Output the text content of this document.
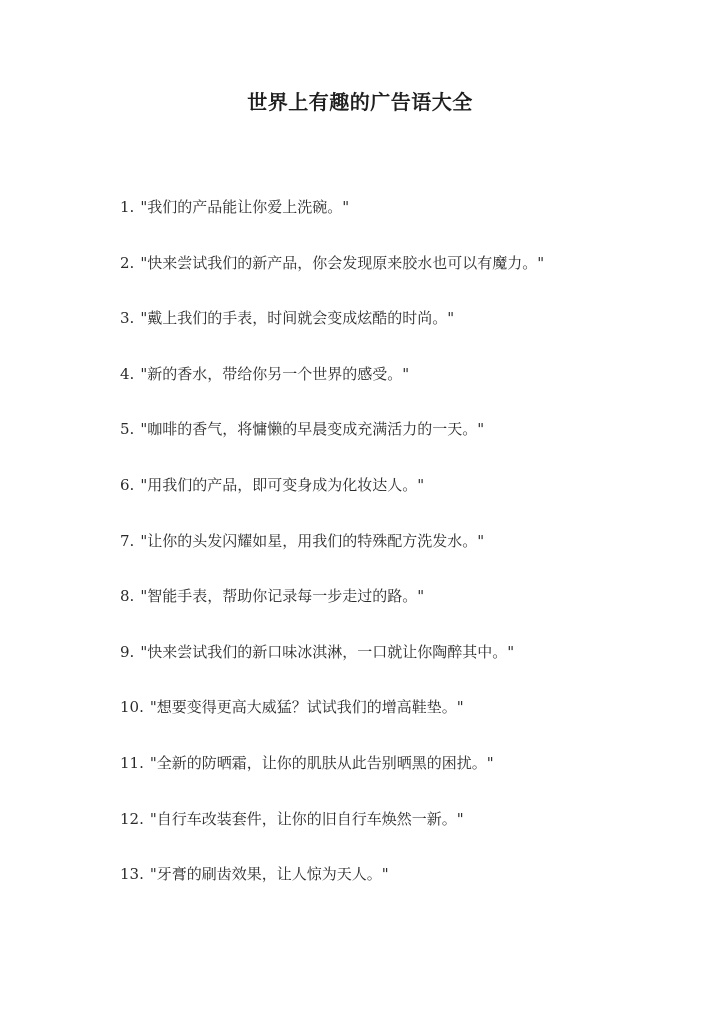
世界上有趣的广告语大全
1. "我们的产品能让你爱上洗碗。"
2. "快来尝试我们的新产品，你会发现原来胶水也可以有魔力。"
3. "戴上我们的手表，时间就会变成炫酷的时尚。"
4. "新的香水，带给你另一个世界的感受。"
5. "咖啡的香气，将慵懒的早晨变成充满活力的一天。"
6. "用我们的产品，即可变身成为化妆达人。"
7. "让你的头发闪耀如星，用我们的特殊配方洗发水。"
8. "智能手表，帮助你记录每一步走过的路。"
9. "快来尝试我们的新口味冰淇淋，一口就让你陶醉其中。"
10. "想要变得更高大威猛？试试我们的增高鞋垫。"
11. "全新的防晒霜，让你的肌肤从此告别晒黑的困扰。"
12. "自行车改装套件，让你的旧自行车焕然一新。"
13. "牙膏的刷齿效果，让人惊为天人。"
